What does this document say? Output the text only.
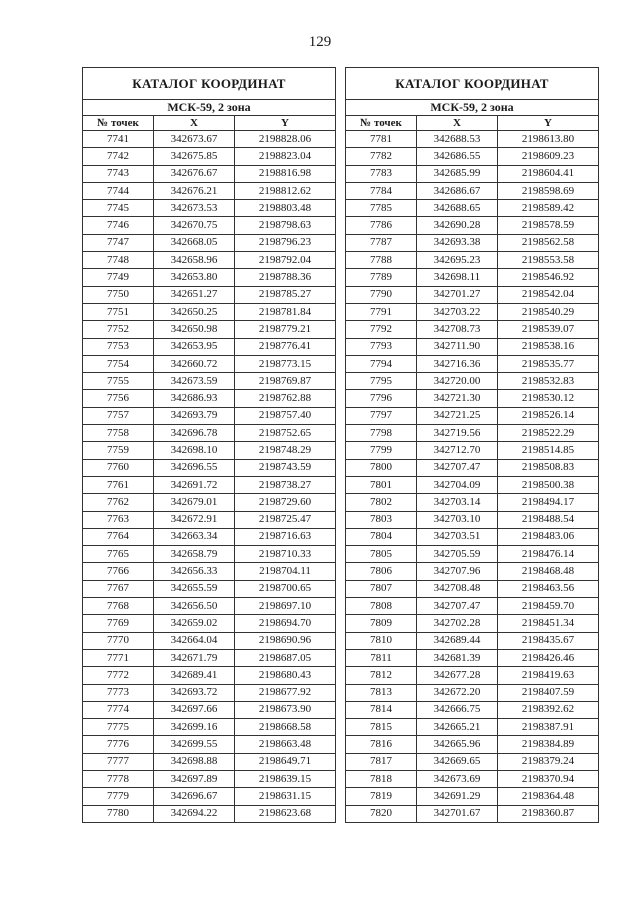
129
КАТАЛОГ КООРДИНАТ		
МСК-59, 2 зона		
№ точек	X	Y
7741	342673.67	2198828.06
7742	342675.85	2198823.04
7743	342676.67	2198816.98
7744	342676.21	2198812.62
7745	342673.53	2198803.48
7746	342670.75	2198798.63
7747	342668.05	2198796.23
7748	342658.96	2198792.04
7749	342653.80	2198788.36
7750	342651.27	2198785.27
7751	342650.25	2198781.84
7752	342650.98	2198779.21
7753	342653.95	2198776.41
7754	342660.72	2198773.15
7755	342673.59	2198769.87
7756	342686.93	2198762.88
7757	342693.79	2198757.40
7758	342696.78	2198752.65
7759	342698.10	2198748.29
7760	342696.55	2198743.59
7761	342691.72	2198738.27
7762	342679.01	2198729.60
7763	342672.91	2198725.47
7764	342663.34	2198716.63
7765	342658.79	2198710.33
7766	342656.33	2198704.11
7767	342655.59	2198700.65
7768	342656.50	2198697.10
7769	342659.02	2198694.70
7770	342664.04	2198690.96
7771	342671.79	2198687.05
7772	342689.41	2198680.43
7773	342693.72	2198677.92
7774	342697.66	2198673.90
7775	342699.16	2198668.58
7776	342699.55	2198663.48
7777	342698.88	2198649.71
7778	342697.89	2198639.15
7779	342696.67	2198631.15
7780	342694.22	2198623.68
КАТАЛОГ КООРДИНАТ		
МСК-59, 2 зона		
№ точек	X	Y
7781	342688.53	2198613.80
7782	342686.55	2198609.23
7783	342685.99	2198604.41
7784	342686.67	2198598.69
7785	342688.65	2198589.42
7786	342690.28	2198578.59
7787	342693.38	2198562.58
7788	342695.23	2198553.58
7789	342698.11	2198546.92
7790	342701.27	2198542.04
7791	342703.22	2198540.29
7792	342708.73	2198539.07
7793	342711.90	2198538.16
7794	342716.36	2198535.77
7795	342720.00	2198532.83
7796	342721.30	2198530.12
7797	342721.25	2198526.14
7798	342719.56	2198522.29
7799	342712.70	2198514.85
7800	342707.47	2198508.83
7801	342704.09	2198500.38
7802	342703.14	2198494.17
7803	342703.10	2198488.54
7804	342703.51	2198483.06
7805	342705.59	2198476.14
7806	342707.96	2198468.48
7807	342708.48	2198463.56
7808	342707.47	2198459.70
7809	342702.28	2198451.34
7810	342689.44	2198435.67
7811	342681.39	2198426.46
7812	342677.28	2198419.63
7813	342672.20	2198407.59
7814	342666.75	2198392.62
7815	342665.21	2198387.91
7816	342665.96	2198384.89
7817	342669.65	2198379.24
7818	342673.69	2198370.94
7819	342691.29	2198364.48
7820	342701.67	2198360.87
